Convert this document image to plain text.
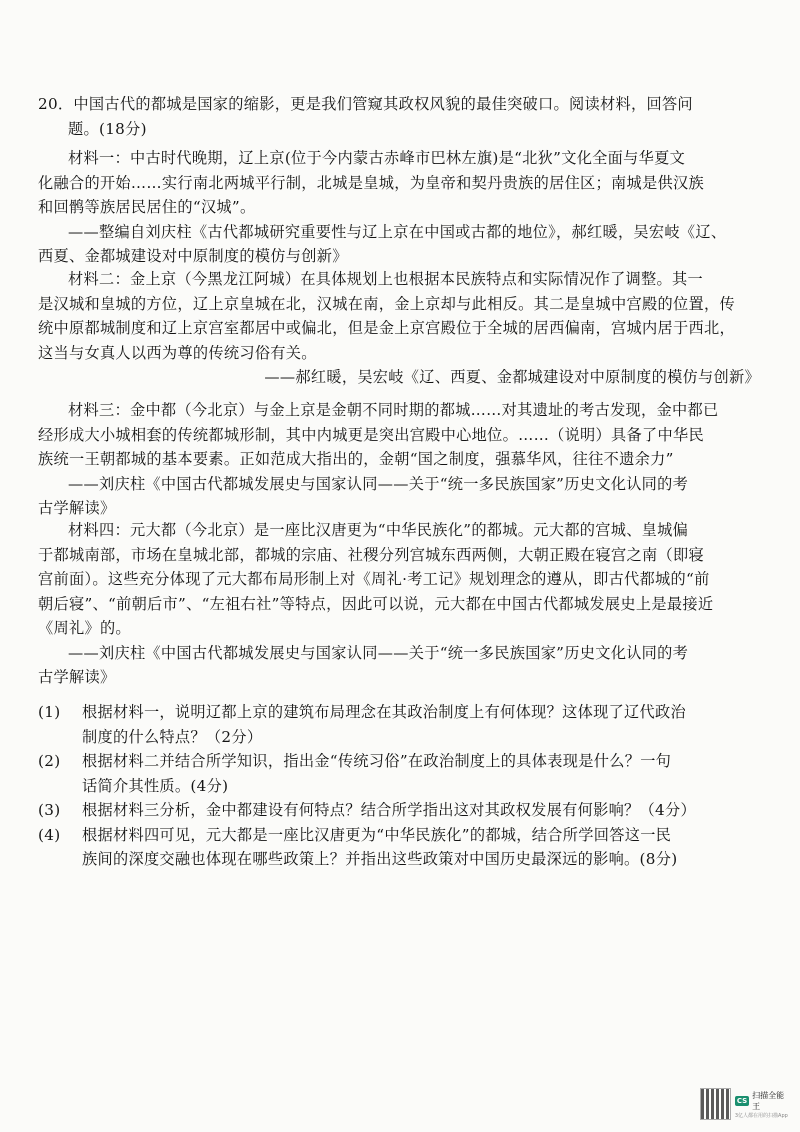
20．中国古代的都城是国家的缩影，更是我们管窥其政权风貌的最佳突破口。阅读材料，回答问

题。(18分)

材料一：中古时代晚期，辽上京(位于今内蒙古赤峰市巴林左旗)是“北狄”文化全面与华夏文

化融合的开始……实行南北两城平行制，北城是皇城，为皇帝和契丹贵族的居住区；南城是供汉族

和回鹘等族居民居住的“汉城”。

——整编自刘庆柱《古代都城研究重要性与辽上京在中国或古都的地位》，郝红暖，吴宏岐《辽、

西夏、金都城建设对中原制度的模仿与创新》

材料二：金上京（今黑龙江阿城）在具体规划上也根据本民族特点和实际情况作了调整。其一

是汉城和皇城的方位，辽上京皇城在北，汉城在南，金上京却与此相反。其二是皇城中宫殿的位置，传

统中原都城制度和辽上京宫室都居中或偏北，但是金上京宫殿位于全城的居西偏南，宫城内居于西北，

这当与女真人以西为尊的传统习俗有关。

——郝红暖，吴宏岐《辽、西夏、金都城建设对中原制度的模仿与创新》

材料三：金中都（今北京）与金上京是金朝不同时期的都城……对其遗址的考古发现，金中都已

经形成大小城相套的传统都城形制，其中内城更是突出宫殿中心地位。……（说明）具备了中华民

族统一王朝都城的基本要素。正如范成大指出的，金朝“国之制度，强慕华风，往往不遗余力”

——刘庆柱《中国古代都城发展史与国家认同——关于“统一多民族国家”历史文化认同的考

古学解读》

材料四：元大都（今北京）是一座比汉唐更为“中华民族化”的都城。元大都的宫城、皇城偏

于都城南部，市场在皇城北部，都城的宗庙、社稷分列宫城东西两侧，大朝正殿在寝宫之南（即寝

宫前面）。这些充分体现了元大都布局形制上对《周礼·考工记》规划理念的遵从，即古代都城的“前

朝后寝”、“前朝后市”、“左祖右社”等特点，因此可以说，元大都在中国古代都城发展史上是最接近

《周礼》的。

——刘庆柱《中国古代都城发展史与国家认同——关于“统一多民族国家”历史文化认同的考

古学解读》

(1) 根据材料一，说明辽都上京的建筑布局理念在其政治制度上有何体现？这体现了辽代政治

制度的什么特点？（2分）

(2) 根据材料二并结合所学知识，指出金“传统习俗”在政治制度上的具体表现是什么？一句

话简介其性质。(4分)

(3) 根据材料三分析，金中都建设有何特点？结合所学指出这对其政权发展有何影响？（4分）

(4) 根据材料四可见，元大都是一座比汉唐更为“中华民族化”的都城，结合所学回答这一民

族间的深度交融也体现在哪些政策上？并指出这些政策对中国历史最深远的影响。(8分)

CS
扫描全能王
3亿人都在用的扫描App
